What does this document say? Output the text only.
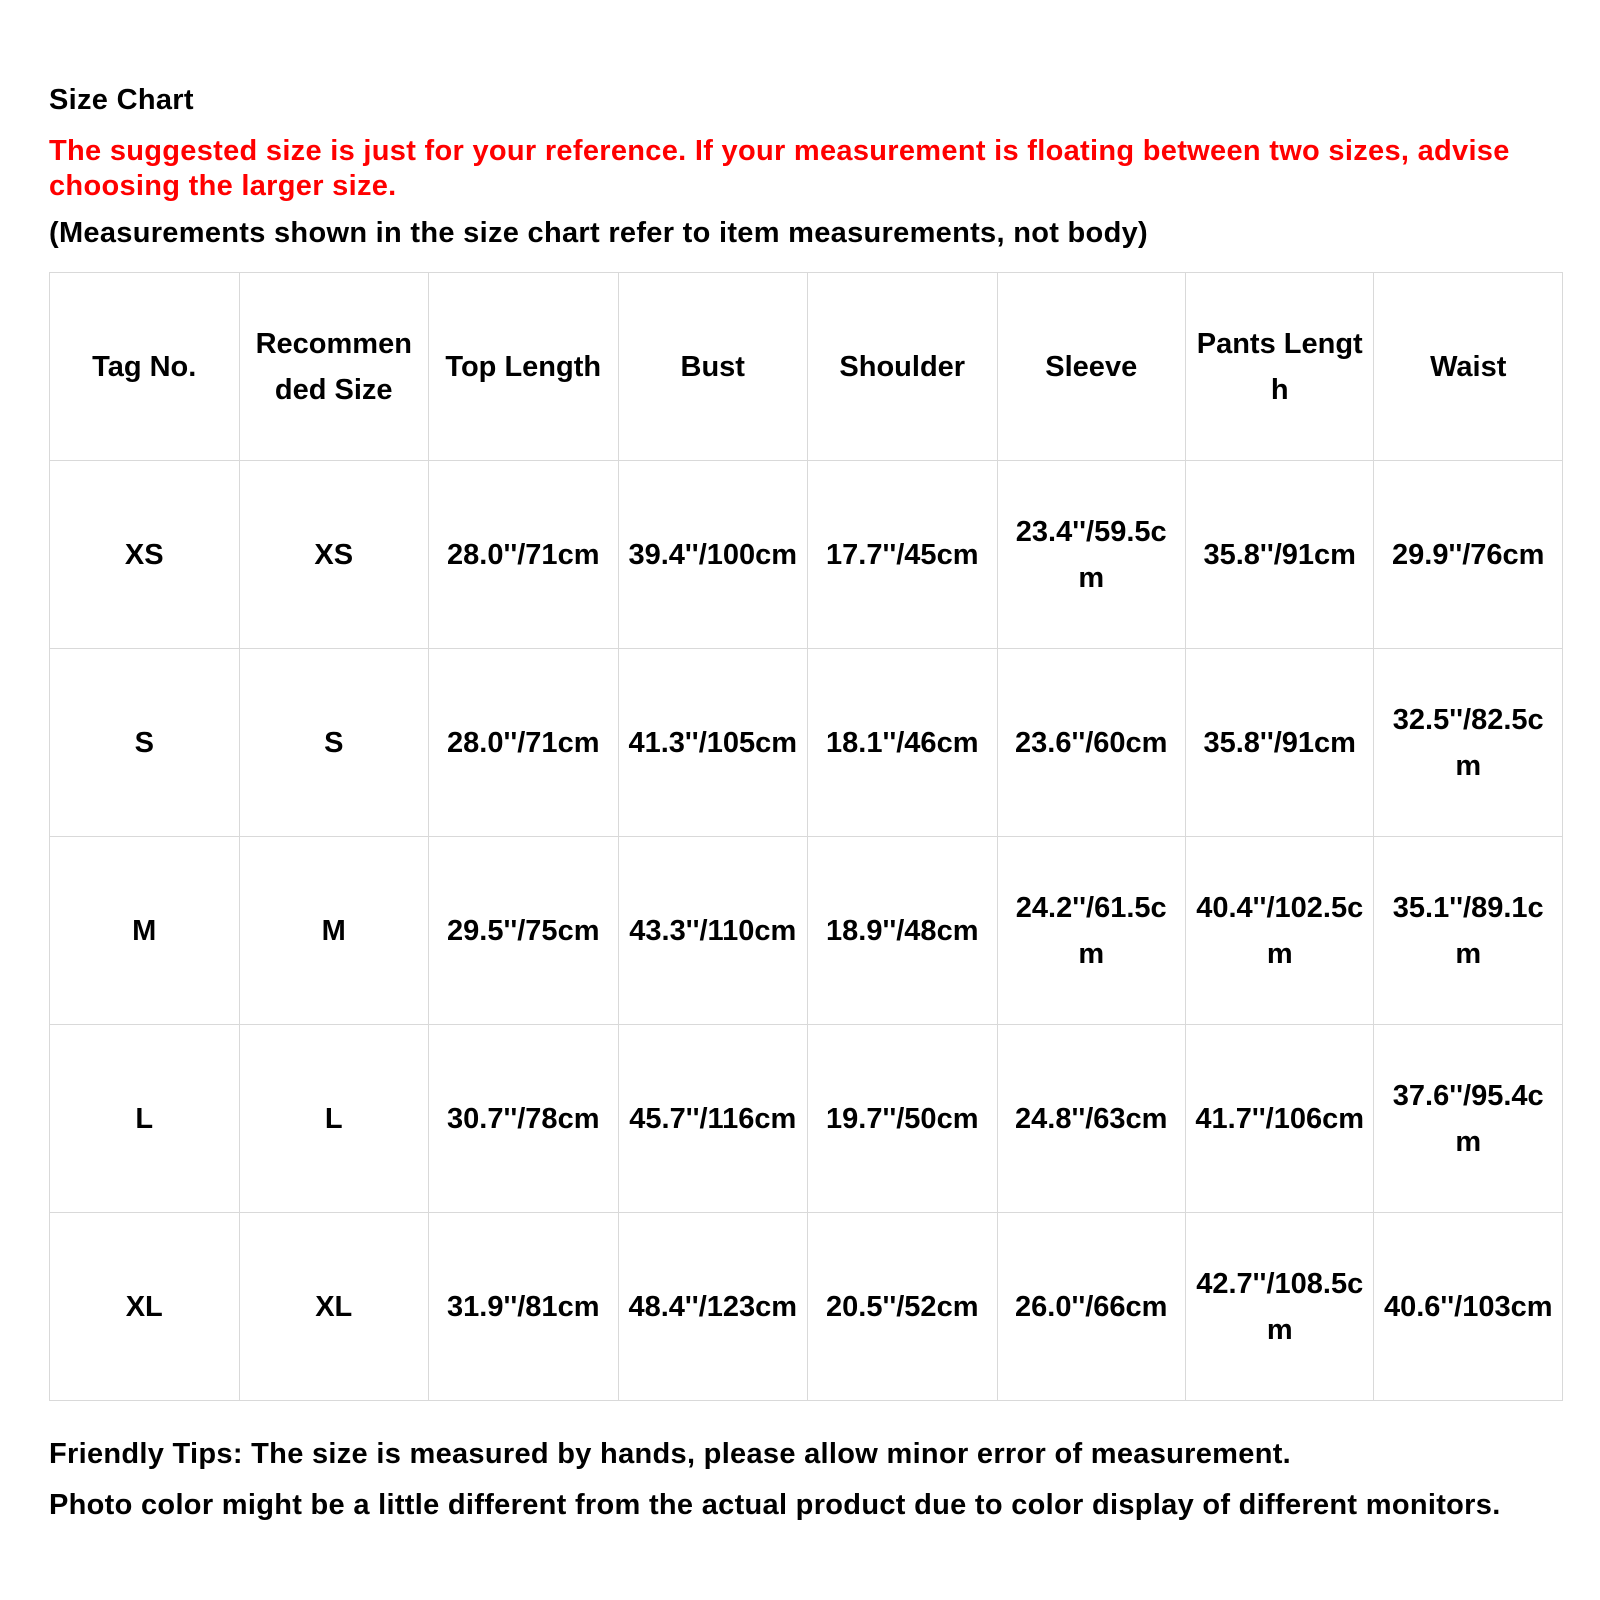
Size Chart
The suggested size is just for your reference. If your measurement is floating between two sizes, advise choosing the larger size.
(Measurements shown in the size chart refer to item measurements, not body)
Tag No.	Recommended Size	Top Length	Bust	Shoulder	Sleeve	Pants Length	Waist
XS	XS	28.0''/71cm	39.4''/100cm	17.7''/45cm	23.4''/59.5cm	35.8''/91cm	29.9''/76cm
S	S	28.0''/71cm	41.3''/105cm	18.1''/46cm	23.6''/60cm	35.8''/91cm	32.5''/82.5cm
M	M	29.5''/75cm	43.3''/110cm	18.9''/48cm	24.2''/61.5cm	40.4''/102.5cm	35.1''/89.1cm
L	L	30.7''/78cm	45.7''/116cm	19.7''/50cm	24.8''/63cm	41.7''/106cm	37.6''/95.4cm
XL	XL	31.9''/81cm	48.4''/123cm	20.5''/52cm	26.0''/66cm	42.7''/108.5cm	40.6''/103cm
Friendly Tips: The size is measured by hands, please allow minor error of measurement.
Photo color might be a little different from the actual product due to color display of different monitors.
